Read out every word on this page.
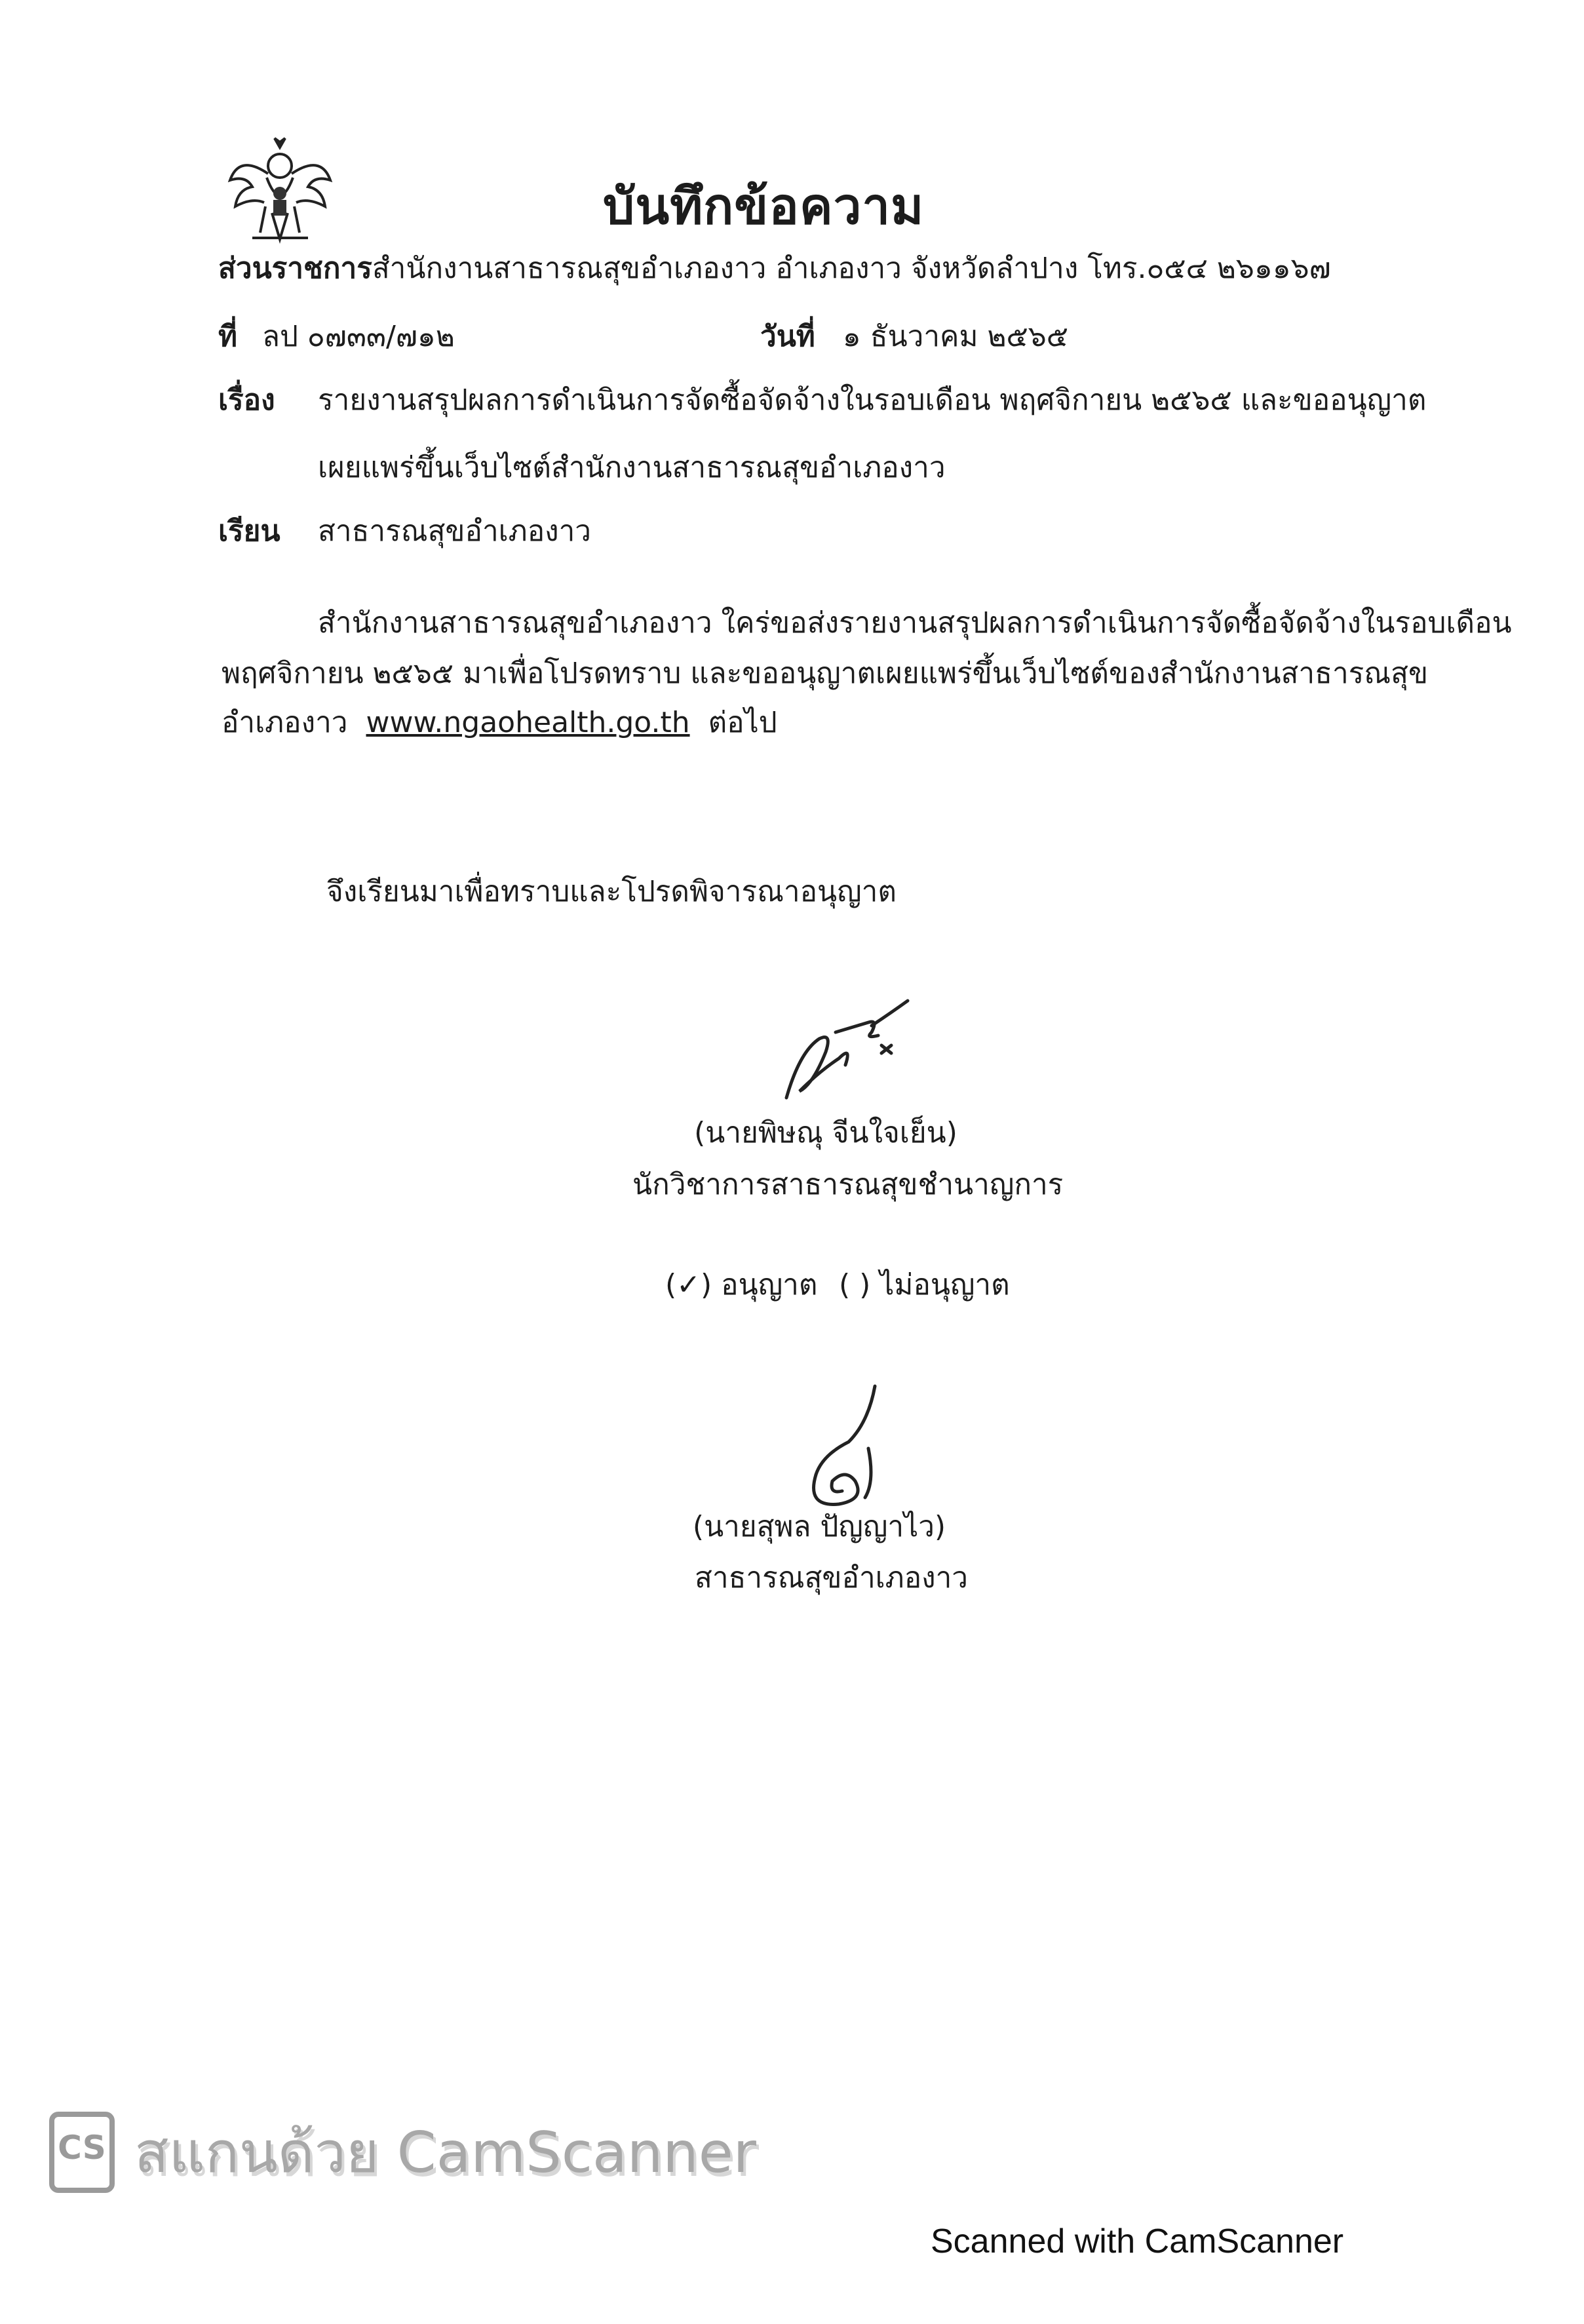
บันทึกข้อความ
ส่วนราชการสำนักงานสาธารณสุขอำเภองาว อำเภองาว จังหวัดลำปาง โทร.๐๕๔ ๒๖๑๑๖๗
ที่ ลป ๐๗๓๓/๗๑๒	วันที่ ๑ ธันวาคม ๒๕๖๕
เรื่อง รายงานสรุปผลการดำเนินการจัดซื้อจัดจ้างในรอบเดือน พฤศจิกายน ๒๕๖๕ และขออนุญาต
เผยแพร่ขึ้นเว็บไซต์สำนักงานสาธารณสุขอำเภองาว
เรียน สาธารณสุขอำเภองาว
สำนักงานสาธารณสุขอำเภองาว ใคร่ขอส่งรายงานสรุปผลการดำเนินการจัดซื้อจัดจ้างในรอบเดือน
พฤศจิกายน ๒๕๖๕ มาเพื่อโปรดทราบ และขออนุญาตเผยแพร่ขึ้นเว็บไซต์ของสำนักงานสาธารณสุข
อำเภองาว www.ngaohealth.go.th ต่อไป
จึงเรียนมาเพื่อทราบและโปรดพิจารณาอนุญาต
(นายพิษณุ จีนใจเย็น)
นักวิชาการสาธารณสุขชำนาญการ
(✓) อนุญาต ( ) ไม่อนุญาต
(นายสุพล ปัญญาไว)
สาธารณสุขอำเภองาว
CS สแกนด้วย CamScanner
Scanned with CamScanner
